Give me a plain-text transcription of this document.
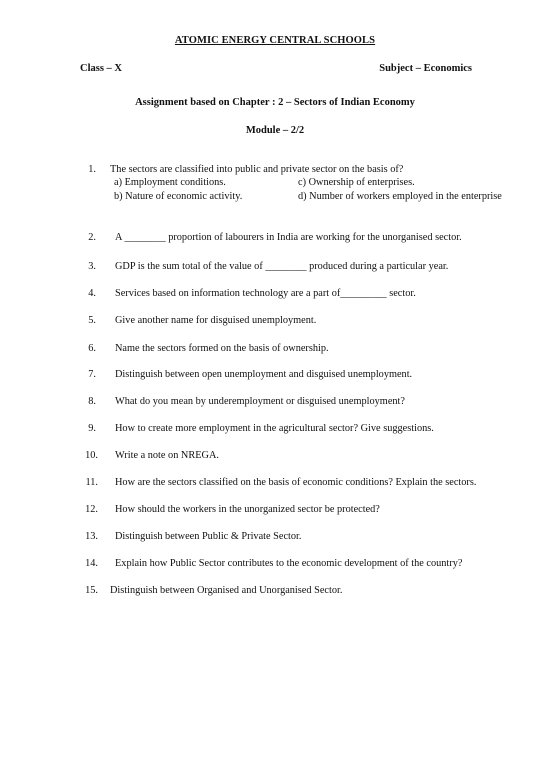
ATOMIC ENERGY CENTRAL SCHOOLS
Class – X	Subject – Economics
Assignment based on Chapter : 2 – Sectors of Indian Economy
Module – 2/2
1. The sectors are classified into public and private sector on the basis of?
a) Employment conditions.	c) Ownership of enterprises.
b) Nature of economic activity.	d) Number of workers employed in the enterprise
2. A ________ proportion of labourers in India are working for the unorganised sector.
3. GDP is the sum total of the value of ________ produced during a particular year.
4. Services based on information technology are a part of_________ sector.
5. Give another name for disguised unemployment.
6. Name the sectors formed on the basis of ownership.
7. Distinguish between open unemployment and disguised unemployment.
8. What do you mean by underemployment or disguised unemployment?
9. How to create more employment in the agricultural sector? Give suggestions.
10. Write a note on NREGA.
11. How are the sectors classified on the basis of economic conditions? Explain the sectors.
12. How should the workers in the unorganized sector be protected?
13. Distinguish between Public & Private Sector.
14. Explain how Public Sector contributes to the economic development of the country?
15. Distinguish between Organised and Unorganised Sector.
